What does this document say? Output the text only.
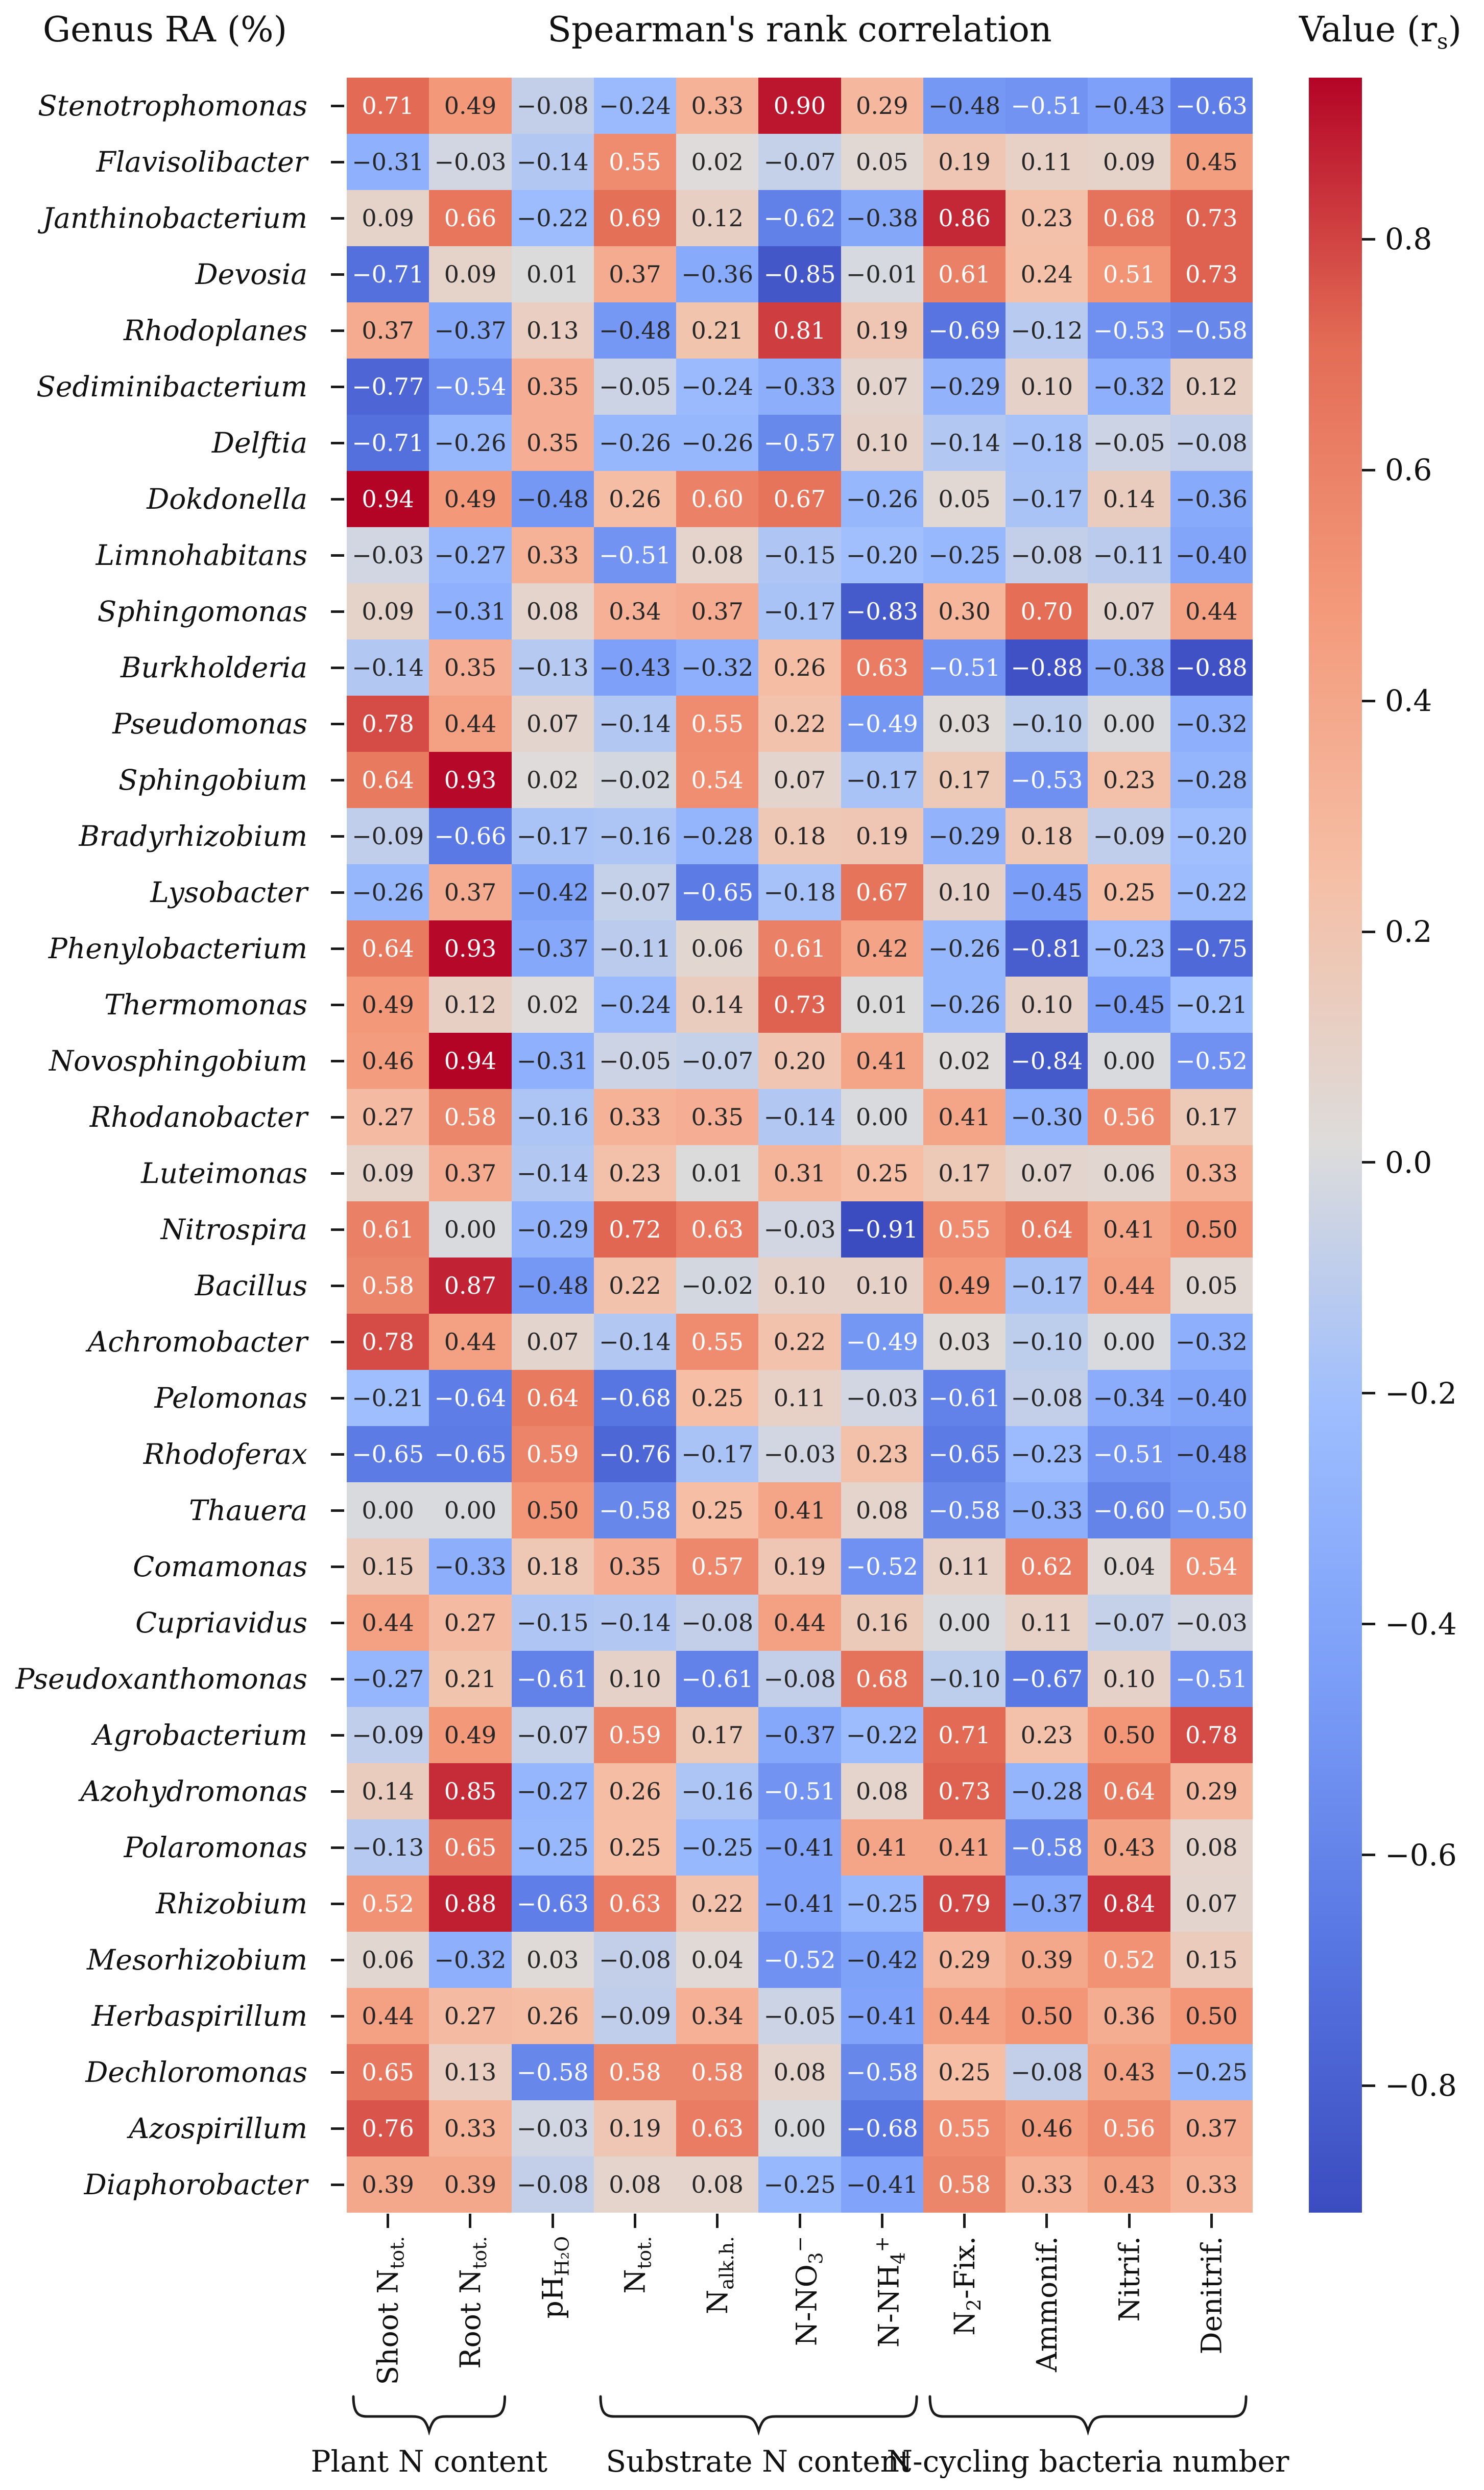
Genus RA (%)	Spearman's rank correlation	Value $(r_s)$
Stenotrophomonas
Flavisolibacter
Janthinobacterium
Devosia
Rhodoplanes
Sediminibacterium
Delftia
Dokdonella
Limnohabitans
Sphingomonas
Burkholderia
Pseudomonas
Sphingobium
Bradyrhizobium
Lysobacter
Phenylobacterium
Thermomonas
Novosphingobium
Rhodanobacter
Luteimonas
Nitrospira
Bacillus
Achromobacter
Pelomonas
Rhodoferax
Thauera
Comamonas
Cupriavidus
Pseudoxanthomonas
Agrobacterium
Azohydromonas
Polaromonas
Rhizobium
Mesorhizobium
Herbaspirillum
Dechloromonas
Azospirillum
Diaphorobacter
0.71 0.49 −0.08 −0.24 0.33 0.90 0.29 −0.48 −0.51 −0.43 −0.63
−0.31 −0.03 −0.14 0.55 0.02 −0.07 0.05 0.19 0.11 0.09 0.45
0.09 0.66 −0.22 0.69 0.12 −0.62 −0.38 0.86 0.23 0.68 0.73
−0.71 0.09 0.01 0.37 −0.36 −0.85 −0.01 0.61 0.24 0.51 0.73
0.37 −0.37 0.13 −0.48 0.21 0.81 0.19 −0.69 −0.12 −0.53 −0.58
−0.77 −0.54 0.35 −0.05 −0.24 −0.33 0.07 −0.29 0.10 −0.32 0.12
−0.71 −0.26 0.35 −0.26 −0.26 −0.57 0.10 −0.14 −0.18 −0.05 −0.08
0.94 0.49 −0.48 0.26 0.60 0.67 −0.26 0.05 −0.17 0.14 −0.36
−0.03 −0.27 0.33 −0.51 0.08 −0.15 −0.20 −0.25 −0.08 −0.11 −0.40
0.09 −0.31 0.08 0.34 0.37 −0.17 −0.83 0.30 0.70 0.07 0.44
−0.14 0.35 −0.13 −0.43 −0.32 0.26 0.63 −0.51 −0.88 −0.38 −0.88
0.78 0.44 0.07 −0.14 0.55 0.22 −0.49 0.03 −0.10 0.00 −0.32
0.64 0.93 0.02 −0.02 0.54 0.07 −0.17 0.17 −0.53 0.23 −0.28
−0.09 −0.66 −0.17 −0.16 −0.28 0.18 0.19 −0.29 0.18 −0.09 −0.20
−0.26 0.37 −0.42 −0.07 −0.65 −0.18 0.67 0.10 −0.45 0.25 −0.22
0.64 0.93 −0.37 −0.11 0.06 0.61 0.42 −0.26 −0.81 −0.23 −0.75
0.49 0.12 0.02 −0.24 0.14 0.73 0.01 −0.26 0.10 −0.45 −0.21
0.46 0.94 −0.31 −0.05 −0.07 0.20 0.41 0.02 −0.84 0.00 −0.52
0.27 0.58 −0.16 0.33 0.35 −0.14 0.00 0.41 −0.30 0.56 0.17
0.09 0.37 −0.14 0.23 0.01 0.31 0.25 0.17 0.07 0.06 0.33
0.61 0.00 −0.29 0.72 0.63 −0.03 −0.91 0.55 0.64 0.41 0.50
0.58 0.87 −0.48 0.22 −0.02 0.10 0.10 0.49 −0.17 0.44 0.05
0.78 0.44 0.07 −0.14 0.55 0.22 −0.49 0.03 −0.10 0.00 −0.32
−0.21 −0.64 0.64 −0.68 0.25 0.11 −0.03 −0.61 −0.08 −0.34 −0.40
−0.65 −0.65 0.59 −0.76 −0.17 −0.03 0.23 −0.65 −0.23 −0.51 −0.48
0.00 0.00 0.50 −0.58 0.25 0.41 0.08 −0.58 −0.33 −0.60 −0.50
0.15 −0.33 0.18 0.35 0.57 0.19 −0.52 0.11 0.62 0.04 0.54
0.44 0.27 −0.15 −0.14 −0.08 0.44 0.16 0.00 0.11 −0.07 −0.03
−0.27 0.21 −0.61 0.10 −0.61 −0.08 0.68 −0.10 −0.67 0.10 −0.51
−0.09 0.49 −0.07 0.59 0.17 −0.37 −0.22 0.71 0.23 0.50 0.78
0.14 0.85 −0.27 0.26 −0.16 −0.51 0.08 0.73 −0.28 0.64 0.29
−0.13 0.65 −0.25 0.25 −0.25 −0.41 0.41 0.41 −0.58 0.43 0.08
0.52 0.88 −0.63 0.63 0.22 −0.41 −0.25 0.79 −0.37 0.84 0.07
0.06 −0.32 0.03 −0.08 0.04 −0.52 −0.42 0.29 0.39 0.52 0.15
0.44 0.27 0.26 −0.09 0.34 −0.05 −0.41 0.44 0.50 0.36 0.50
0.65 0.13 −0.58 0.58 0.58 0.08 −0.58 0.25 −0.08 0.43 −0.25
0.76 0.33 −0.03 0.19 0.63 0.00 −0.68 0.55 0.46 0.56 0.37
0.39 0.39 −0.08 0.08 0.08 −0.25 −0.41 0.58 0.33 0.43 0.33
Shoot $N_{tot.}$
Root $N_{tot.}$
$pH_{H_2O}$
$N_{tot.}$
$N_{alk.h.}$
$N-NO_3^-$
$N-NH_4^+$
$N_2$-Fix. Ammonif. Nitrif. Denitrif.
0.8
0.6
0.4
0.2
0.0
−0.2
−0.4
−0.6
−0.8
Plant N content Substrate N content
N-cycling bacteria number
